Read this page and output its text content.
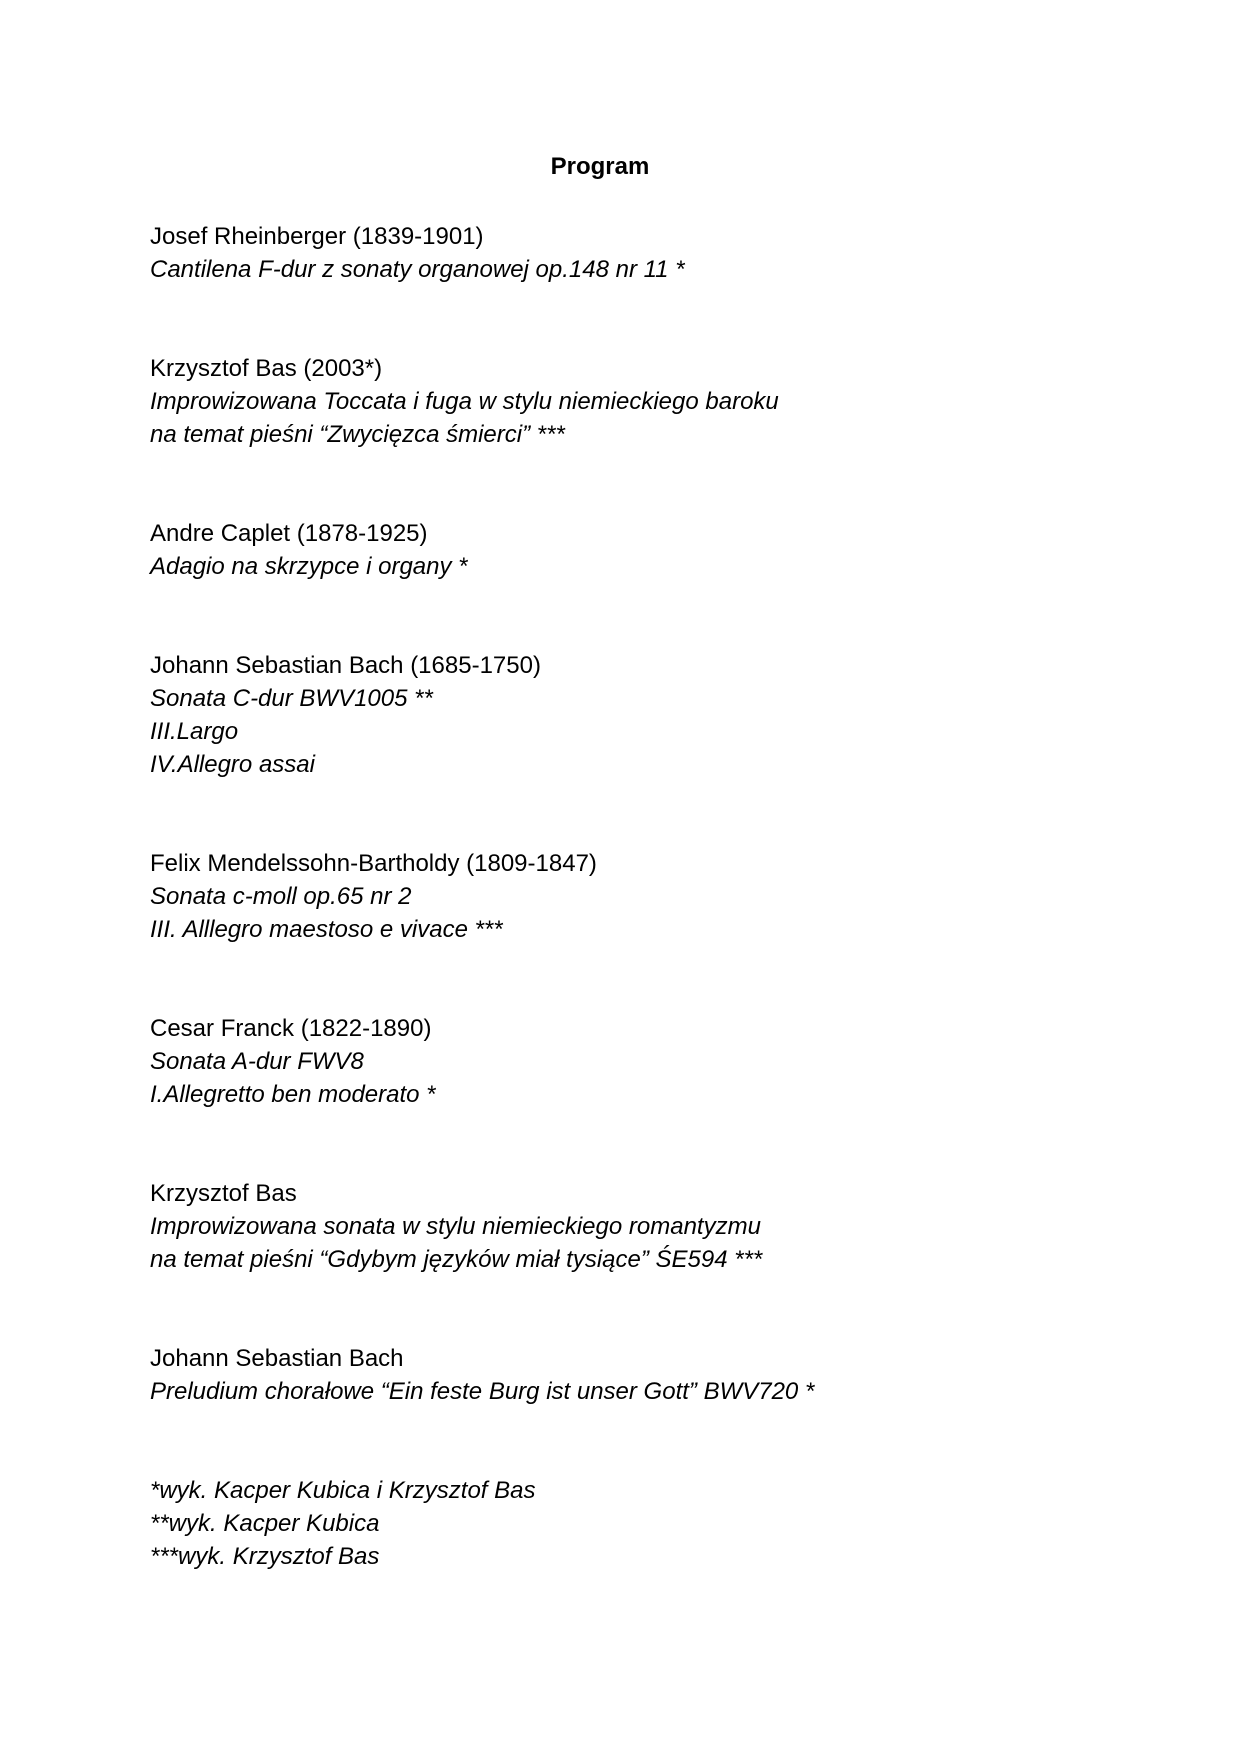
Program
Josef Rheinberger (1839-1901)
Cantilena F-dur z sonaty organowej op.148 nr 11 *
Krzysztof Bas (2003*)
Improwizowana Toccata i fuga w stylu niemieckiego baroku
na temat pieśni “Zwycięzca śmierci” ***
Andre Caplet (1878-1925)
Adagio na skrzypce i organy *
Johann Sebastian Bach (1685-1750)
Sonata C-dur BWV1005 **
III.Largo
IV.Allegro assai
Felix Mendelssohn-Bartholdy (1809-1847)
Sonata c-moll op.65 nr 2
III. Alllegro maestoso e vivace ***
Cesar Franck (1822-1890)
Sonata A-dur FWV8
I.Allegretto ben moderato *
Krzysztof Bas
Improwizowana sonata w stylu niemieckiego romantyzmu
na temat pieśni “Gdybym języków miał tysiące” ŚE594 ***
Johann Sebastian Bach
Preludium chorałowe “Ein feste Burg ist unser Gott” BWV720 *
*wyk. Kacper Kubica i Krzysztof Bas
**wyk. Kacper Kubica
***wyk. Krzysztof Bas
